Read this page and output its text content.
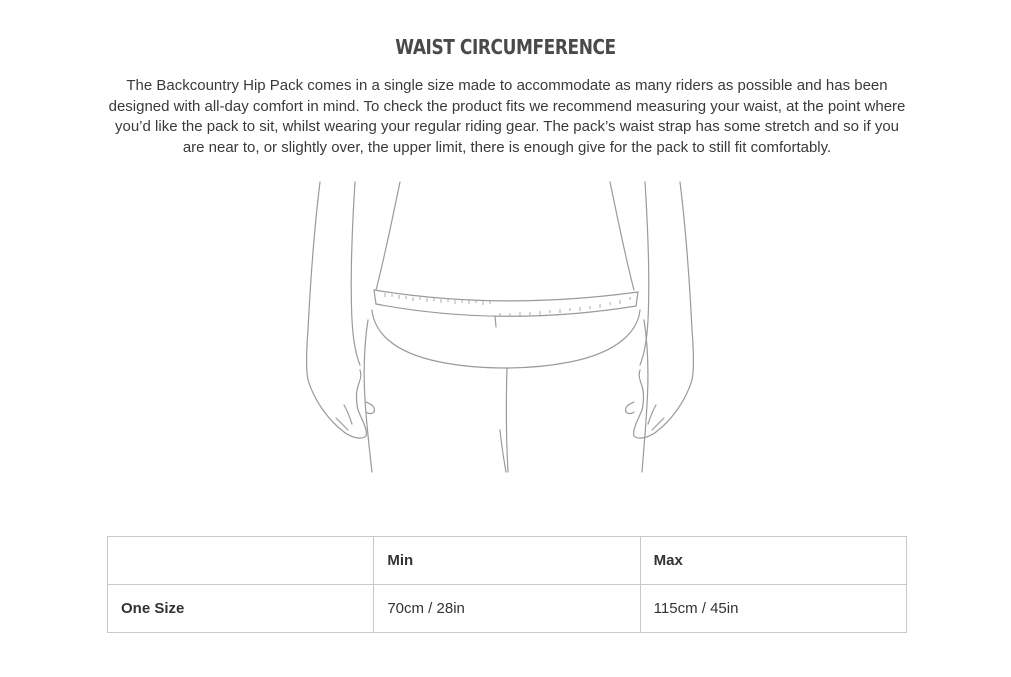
WAIST CIRCUMFERENCE

The Backcountry Hip Pack comes in a single size made to accommodate as many riders as possible and has been designed with all-day comfort in mind. To check the product fits we recommend measuring your waist, at the point where you’d like the pack to sit, whilst wearing your regular riding gear. The pack’s waist strap has some stretch and so if you are near to, or slightly over, the upper limit, there is enough give for the pack to still fit comfortably.

	Min	Max
One Size	70cm / 28in	115cm / 45in
